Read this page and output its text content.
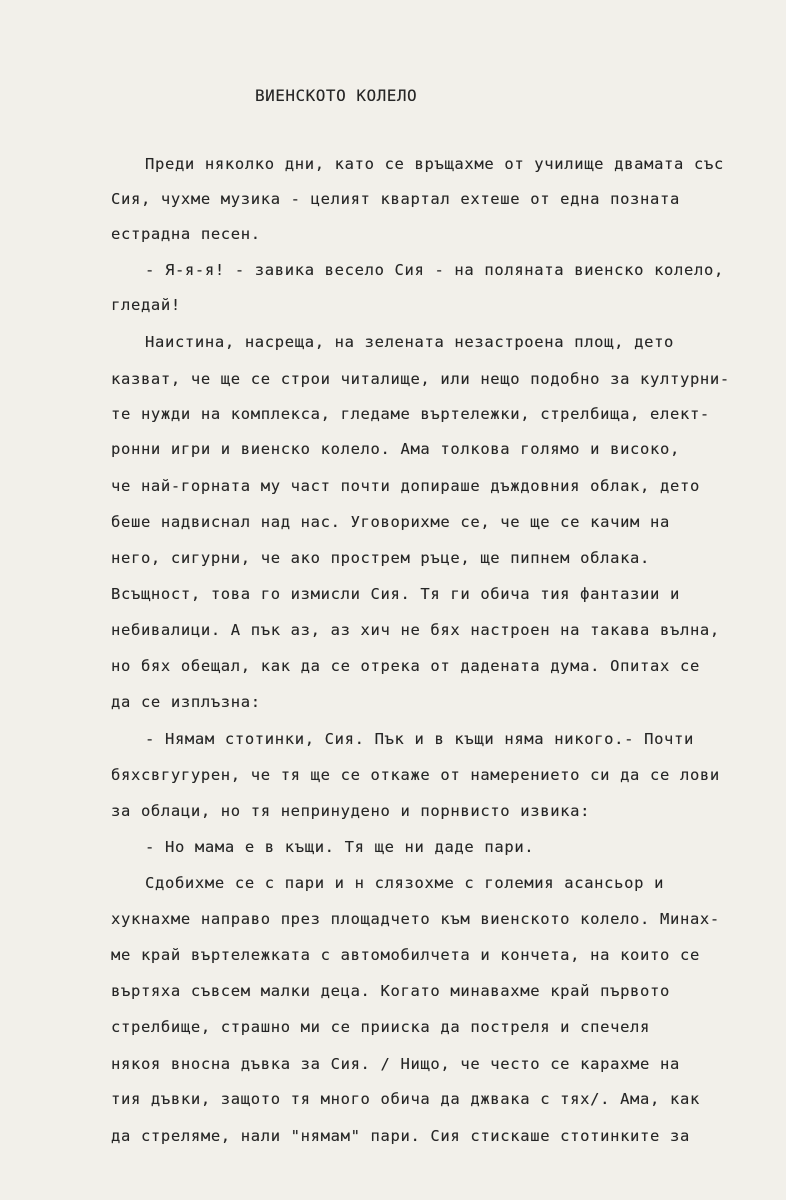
ВИЕНСКОТО КОЛЕЛО
Преди няколко дни, като се връщахме от училище двамата със
Сия, чухме музика - целият квартал ехтеше от една позната
естрадна песен.
- Я-я-я! - завика весело Сия - на поляната виенско колело,
гледай!
Наистина, насреща, на зелената незастроена площ, дето
казват, че ще се строи читалище, или нещо подобно за културни-
те нужди на комплекса, гледаме въртележки, стрелбища, елект-
ронни игри и виенско колело. Ама толкова голямо и високо,
че най-горната му част почти допираше дъждовния облак, дето
беше надвиснал над нас. Уговорихме се, че ще се качим на
него, сигурни, че ако прострем ръце, ще пипнем облака.
Всъщност, това го измисли Сия. Тя ги обича тия фантазии и
небивалици. А пък аз, аз хич не бях настроен на такава вълна,
но бях обещал, как да се отрека от дадената дума. Опитах се
да се изплъзна:
- Нямам стотинки, Сия. Пък и в къщи няма никого.- Почти
бяхсвгугурен, че тя ще се откаже от намерението си да се лови
за облаци, но тя непринудено и порнвисто извика:
- Но мама е в къщи. Тя ще ни даде пари.
Сдобихме се с пари и н слязохме с големия асансьор и
хукнахме направо през площадчето към виенското колело. Минах-
ме край въртележката с автомобилчета и кончета, на които се
въртяха съвсем малки деца. Когато минавахме край първото
стрелбище, страшно ми се прииска да постреля и спечеля
някоя вносна дъвка за Сия. / Нищо, че често се карахме на
тия дъвки, защото тя много обича да джвака с тях/. Ама, как
да стреляме, нали "нямам" пари. Сия стискаше стотинките за
